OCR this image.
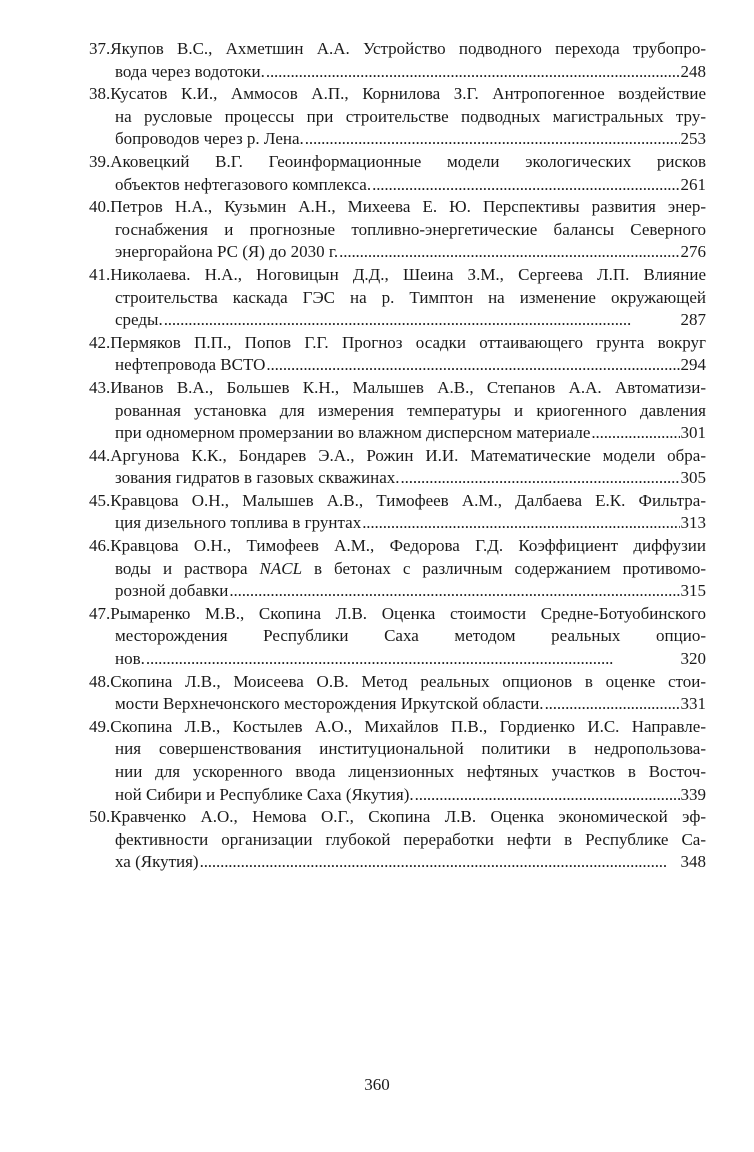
37.Якупов В.С., Ахметшин А.А. Устройство подводного перехода трубопро-
вода через водотоки. . . .	248
38.Кусатов К.И., Аммосов А.П., Корнилова З.Г. Антропогенное воздействие
на русловые процессы при строительстве подводных магистральных тру-
бопроводов через р. Лена. . . .	253
39.Аковецкий В.Г. Геоинформационные модели экологических рисков
объектов нефтегазового комплекса. . . .	261
40.Петров Н.А., Кузьмин А.Н., Михеева Е. Ю. Перспективы развития энер-
госнабжения и прогнозные топливно-энергетические балансы Северного
энергорайона РС (Я) до 2030 г. . . .	276
41.Николаева. Н.А., Ноговицын Д.Д., Шеина З.М., Сергеева Л.П. Влияние
строительства каскада ГЭС на р. Тимптон на изменение окружающей
среды. . . .	287
42.Пермяков П.П., Попов Г.Г. Прогноз осадки оттаивающего грунта вокруг
нефтепровода ВСТО . . .	294
43.Иванов В.А., Большев К.Н., Малышев А.В., Степанов А.А. Автоматизи-
рованная установка для измерения температуры и криогенного давления
при одномерном промерзании во влажном дисперсном материале . . .	301
44.Аргунова К.К., Бондарев Э.А., Рожин И.И. Математические модели обра-
зования гидратов в газовых скважинах. . . .	305
45.Кравцова О.Н., Малышев А.В., Тимофеев А.М., Далбаева Е.К. Фильтра-
ция дизельного топлива в грунтах . . .	313
46.Кравцова О.Н., Тимофеев А.М., Федорова Г.Д. Коэффициент диффузии
воды и раствора NACL в бетонах с различным содержанием противомо-
розной добавки . . .	315
47.Рымаренко М.В., Скопина Л.В. Оценка стоимости Средне-Ботуобинского
месторождения Республики Саха методом реальных опцио-
нов. . . .	320
48.Скопина Л.В., Моисеева О.В. Метод реальных опционов в оценке стои-
мости Верхнечонского месторождения Иркутской области. . . .	331
49.Скопина Л.В., Костылев А.О., Михайлов П.В., Гордиенко И.С. Направле-
ния совершенствования институциональной политики в недропользова-
нии для ускоренного ввода лицензионных нефтяных участков в Восточ-
ной Сибири и Республике Саха (Якутия). . . .	339
50.Кравченко А.О., Немова О.Г., Скопина Л.В. Оценка экономической эф-
фективности организации глубокой переработки нефти в Республике Са-
ха (Якутия) . . .	348
360
